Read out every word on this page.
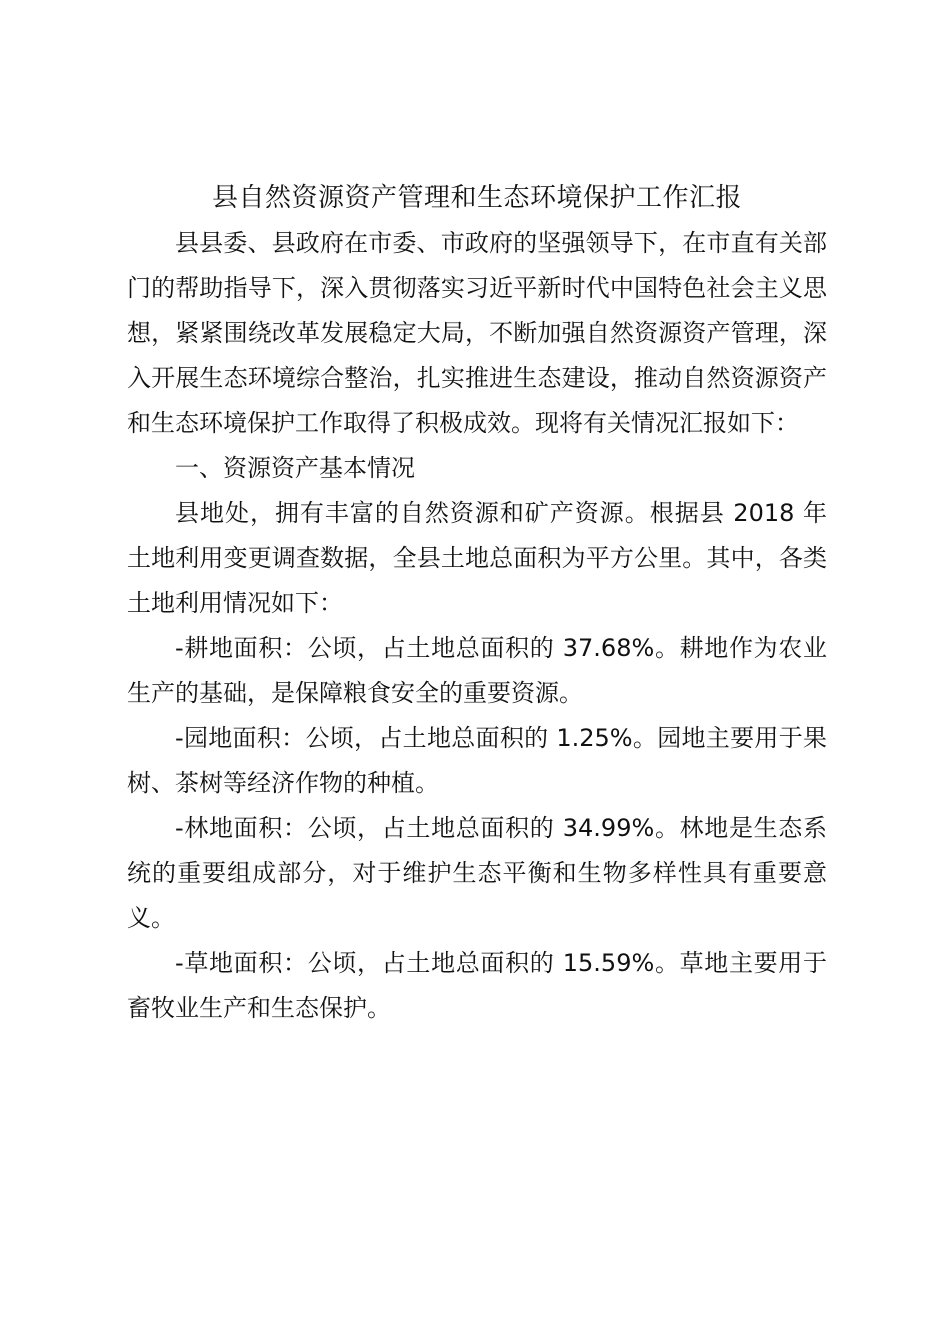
县自然资源资产管理和生态环境保护工作汇报

县县委、县政府在市委、市政府的坚强领导下，在市直有关部门的帮助指导下，深入贯彻落实习近平新时代中国特色社会主义思想，紧紧围绕改革发展稳定大局，不断加强自然资源资产管理，深入开展生态环境综合整治，扎实推进生态建设，推动自然资源资产和生态环境保护工作取得了积极成效。现将有关情况汇报如下：

一、资源资产基本情况

县地处，拥有丰富的自然资源和矿产资源。根据县 2018 年土地利用变更调查数据，全县土地总面积为平方公里。其中，各类土地利用情况如下：

-耕地面积：公顷，占土地总面积的 37.68%。耕地作为农业生产的基础，是保障粮食安全的重要资源。

-园地面积：公顷，占土地总面积的 1.25%。园地主要用于果树、茶树等经济作物的种植。

-林地面积：公顷，占土地总面积的 34.99%。林地是生态系统的重要组成部分，对于维护生态平衡和生物多样性具有重要意义。

-草地面积：公顷，占土地总面积的 15.59%。草地主要用于畜牧业生产和生态保护。
